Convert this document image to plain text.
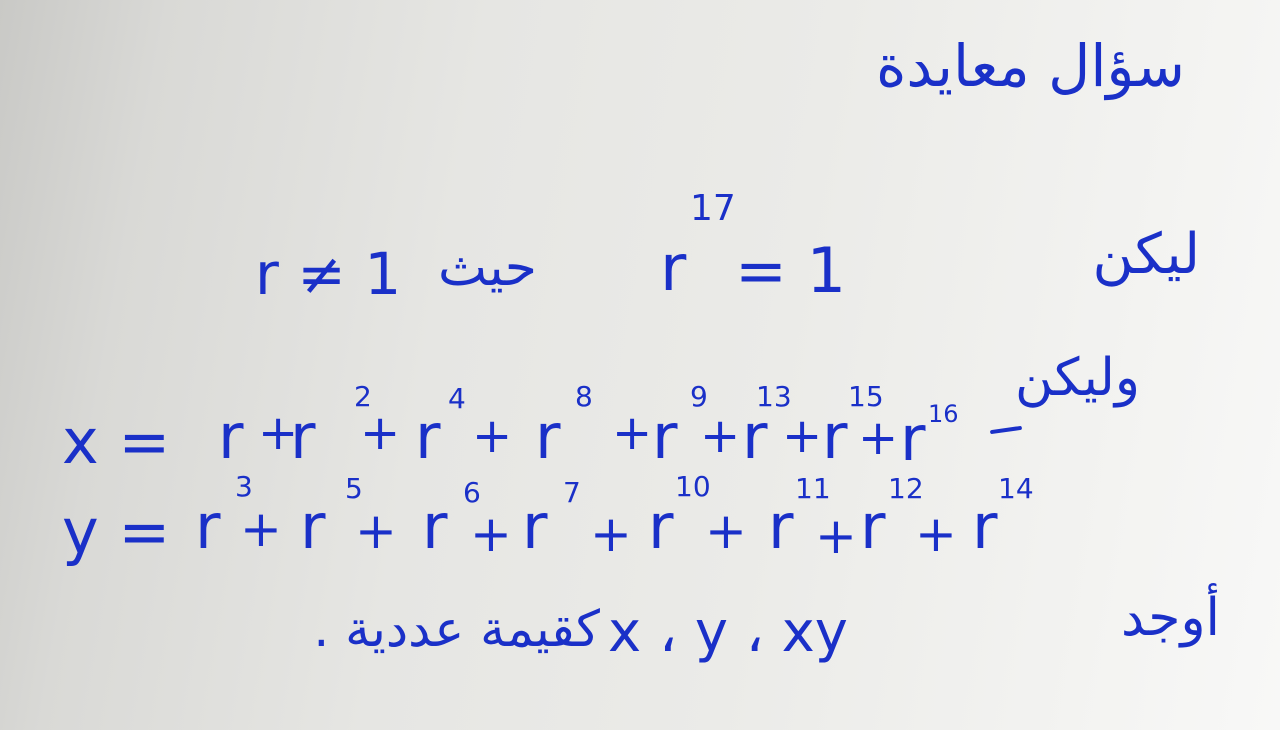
سؤال معايدة
ليكن
17
r = 1
حيث
r ≠ 1
وليكن
x = r +
r
2
+ r
4
+ r
8
+ r
9
+ r
13
+ r
15
+ r 16
y = r
3
+ r
5
+ r 6
+ r 7
+ r
10
+ r
11
+ r
12
+ r
14
أوجد
x ، y ، xy
كقيمة عددية .
